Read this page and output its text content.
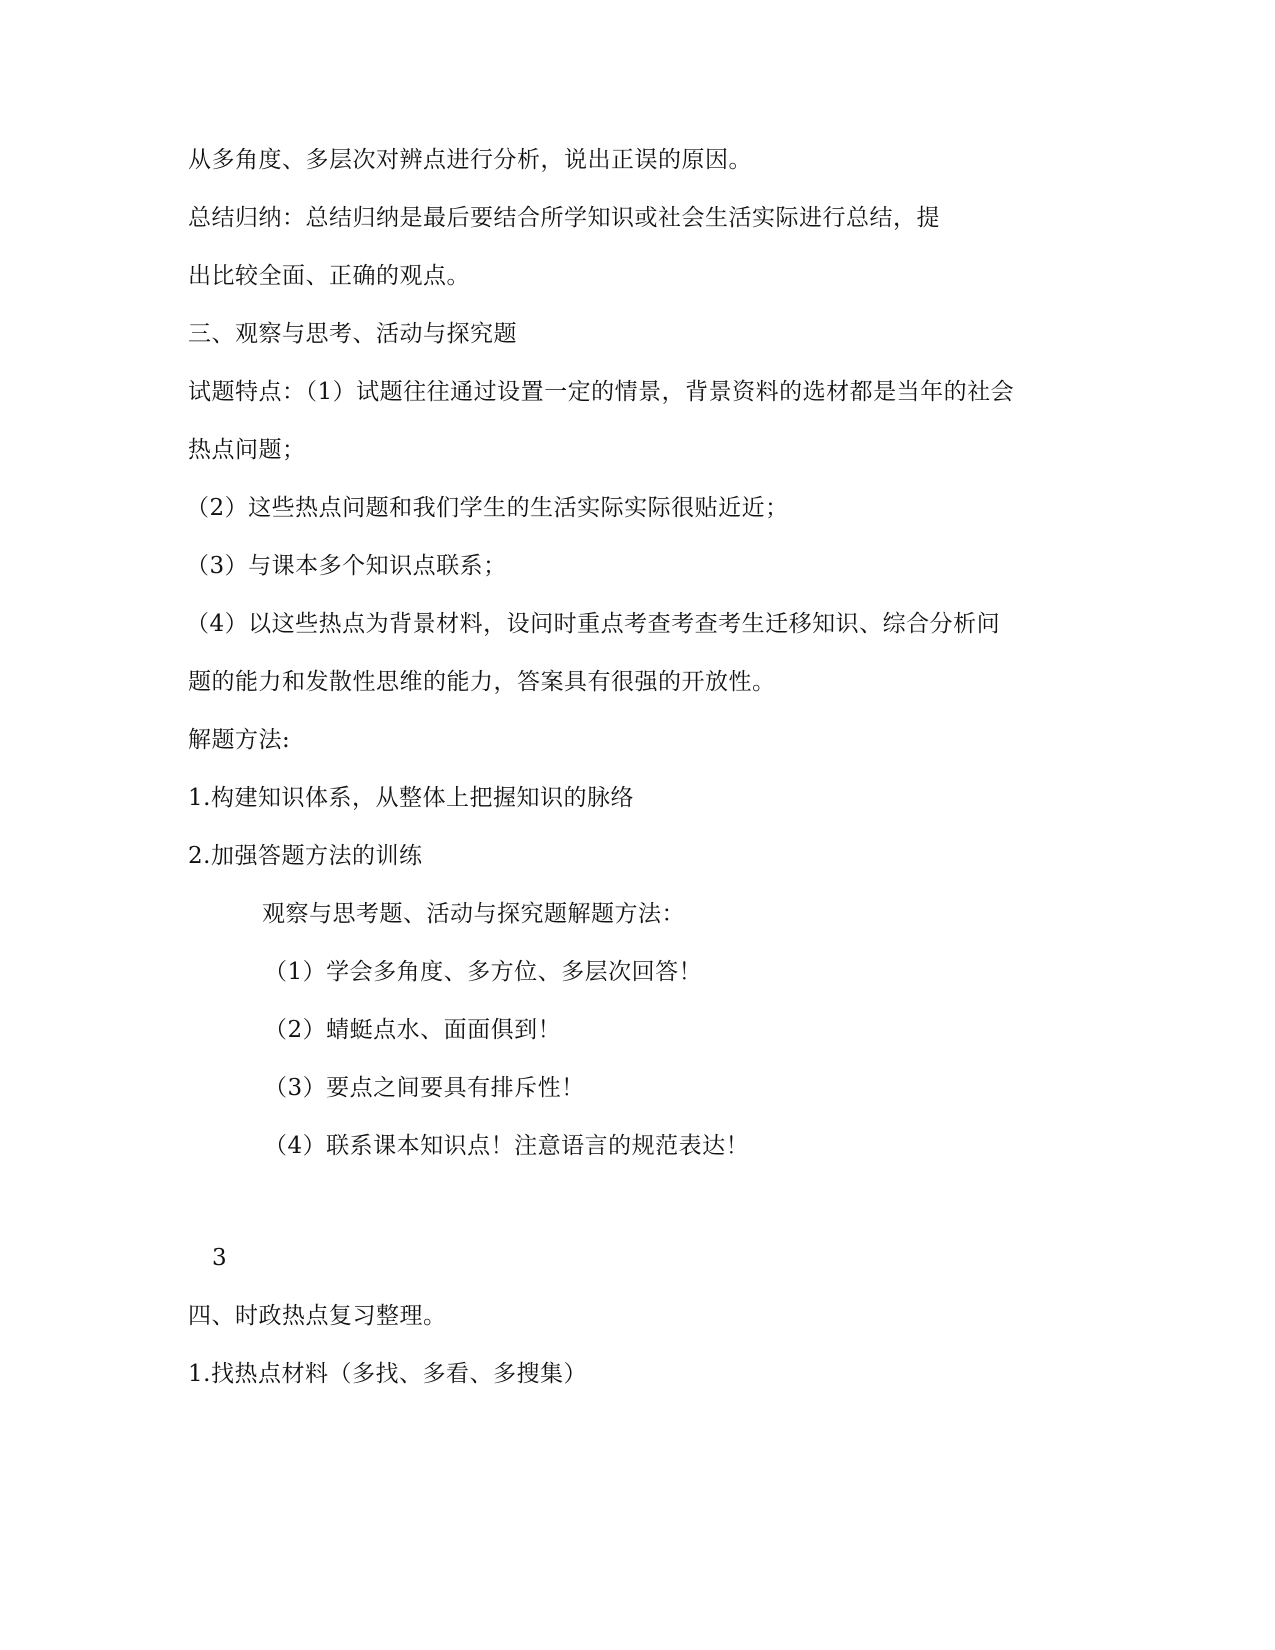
从多角度、多层次对辨点进行分析，说出正误的原因。
总结归纳：总结归纳是最后要结合所学知识或社会生活实际进行总结，提
出比较全面、正确的观点。
三、观察与思考、活动与探究题
试题特点：（1）试题往往通过设置一定的情景，背景资料的选材都是当年的社会
热点问题；
（2）这些热点问题和我们学生的生活实际实际很贴近近；
（3）与课本多个知识点联系；
（4）以这些热点为背景材料，设问时重点考查考查考生迁移知识、综合分析问
题的能力和发散性思维的能力，答案具有很强的开放性。
解题方法:
1.构建知识体系，从整体上把握知识的脉络
2.加强答题方法的训练
观察与思考题、活动与探究题解题方法：
（1）学会多角度、多方位、多层次回答！
（2）蜻蜓点水、面面俱到！
（3）要点之间要具有排斥性！
（4）联系课本知识点！注意语言的规范表达！
3
四、时政热点复习整理。
1.找热点材料（多找、多看、多搜集）
